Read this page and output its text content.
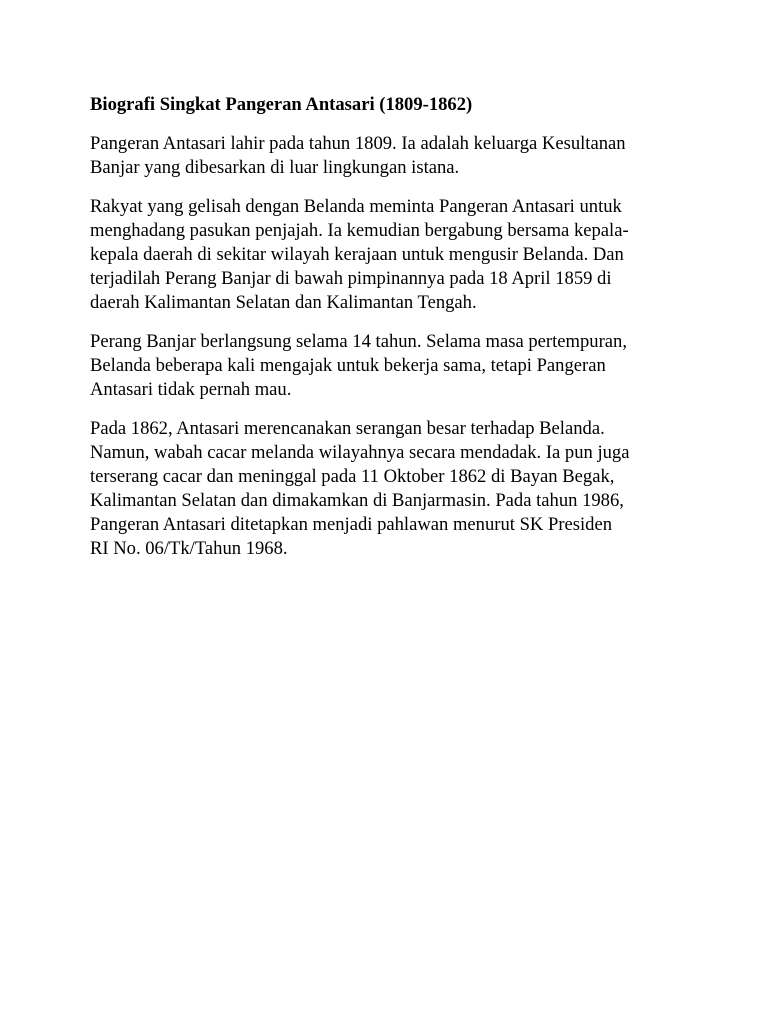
Biografi Singkat Pangeran Antasari (1809-1862)
Pangeran Antasari lahir pada tahun 1809. Ia adalah keluarga Kesultanan
Banjar yang dibesarkan di luar lingkungan istana.
Rakyat yang gelisah dengan Belanda meminta Pangeran Antasari untuk
menghadang pasukan penjajah. Ia kemudian bergabung bersama kepala-
kepala daerah di sekitar wilayah kerajaan untuk mengusir Belanda. Dan
terjadilah Perang Banjar di bawah pimpinannya pada 18 April 1859 di
daerah Kalimantan Selatan dan Kalimantan Tengah.
Perang Banjar berlangsung selama 14 tahun. Selama masa pertempuran,
Belanda beberapa kali mengajak untuk bekerja sama, tetapi Pangeran
Antasari tidak pernah mau.
Pada 1862, Antasari merencanakan serangan besar terhadap Belanda.
Namun, wabah cacar melanda wilayahnya secara mendadak. Ia pun juga
terserang cacar dan meninggal pada 11 Oktober 1862 di Bayan Begak,
Kalimantan Selatan dan dimakamkan di Banjarmasin. Pada tahun 1986,
Pangeran Antasari ditetapkan menjadi pahlawan menurut SK Presiden
RI No. 06/Tk/Tahun 1968.
